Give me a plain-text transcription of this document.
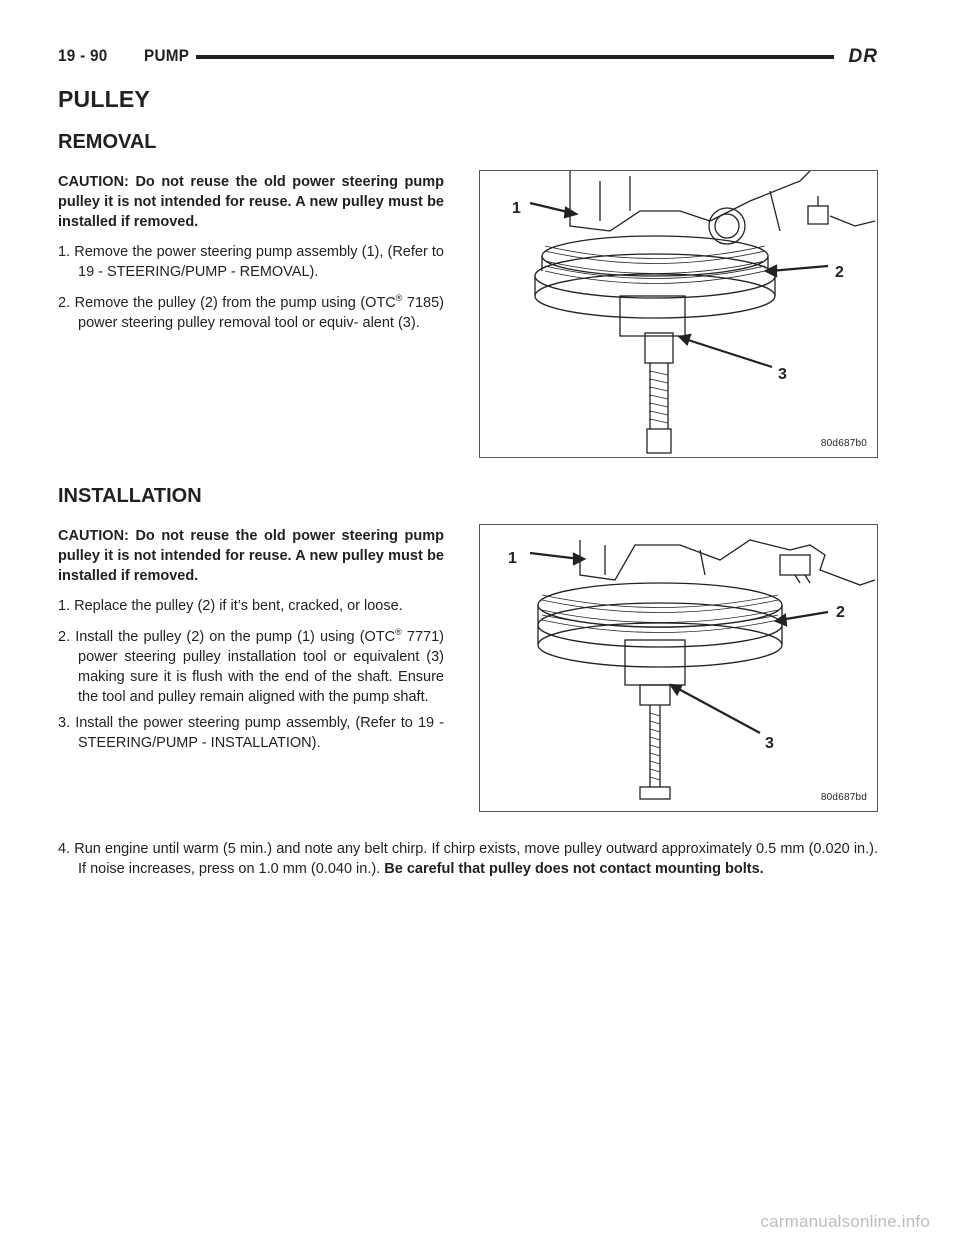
19 - 90 PUMP	DR
PULLEY
REMOVAL

CAUTION: Do not reuse the old power steering pump pulley it is not intended for reuse. A new pulley must be installed if removed.

1. Remove the power steering pump assembly (1), (Refer to 19 - STEERING/PUMP - REMOVAL).

2. Remove the pulley (2) from the pump using (OTC® 7185) power steering pulley removal tool or equiv- alent (3).

1
2
3
80d687b0
INSTALLATION

CAUTION: Do not reuse the old power steering pump pulley it is not intended for reuse. A new pulley must be installed if removed.

1. Replace the pulley (2) if it’s bent, cracked, or loose.

2. Install the pulley (2) on the pump (1) using (OTC® 7771) power steering pulley installation tool or equivalent (3) making sure it is flush with the end of the shaft. Ensure the tool and pulley remain aligned with the pump shaft.

3. Install the power steering pump assembly, (Refer to 19 - STEERING/PUMP - INSTALLATION).

1
2
3
80d687bd

4. Run engine until warm (5 min.) and note any belt chirp. If chirp exists, move pulley outward approximately 0.5 mm (0.020 in.). If noise increases, press on 1.0 mm (0.040 in.). Be careful that pulley does not contact mounting bolts.

carmanualsonline.info
